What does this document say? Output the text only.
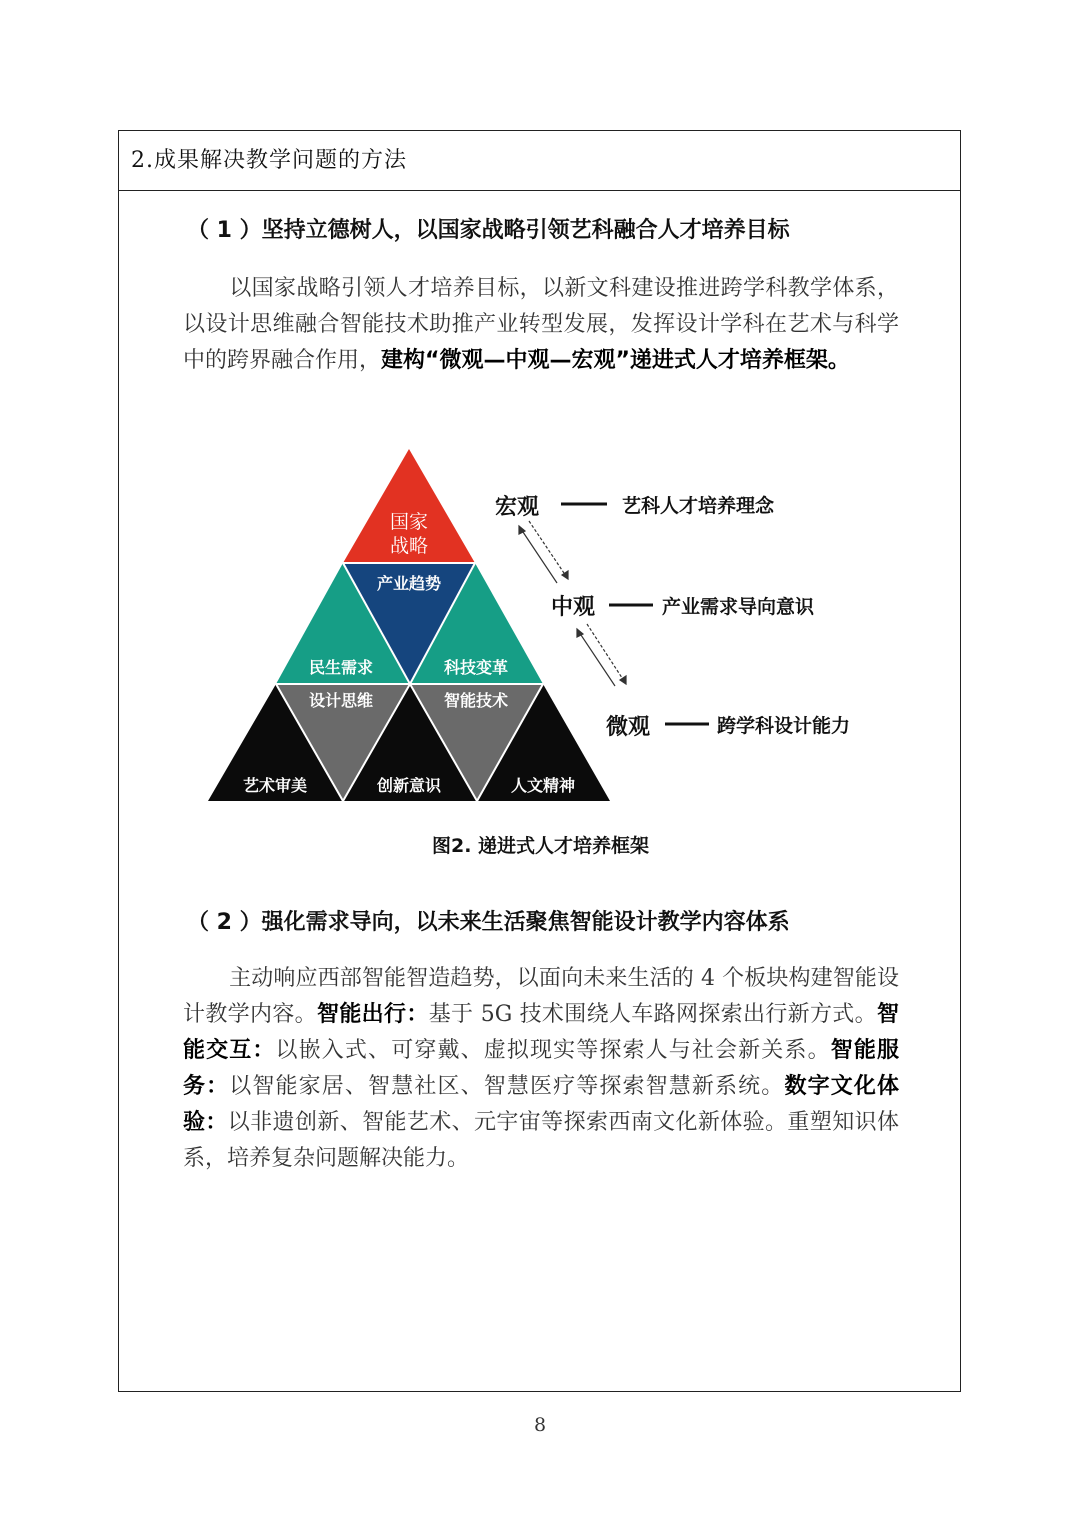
2.成果解决教学问题的方法
（ 1 ）坚持立德树人，以国家战略引领艺科融合人才培养目标
以国家战略引领人才培养目标，以新文科建设推进跨学科教学体系，以设计思维融合智能技术助推产业转型发展，发挥设计学科在艺术与科学中的跨界融合作用，建构“微观—中观—宏观”递进式人才培养框架。
国家
战略
产业趋势
民生需求	科技变革
设计思维	智能技术
艺术审美	创新意识	人文精神
宏观	艺科人才培养理念
中观	产业需求导向意识
微观	跨学科设计能力
图2. 递进式人才培养框架
（ 2 ）强化需求导向，以未来生活聚焦智能设计教学内容体系
主动响应西部智能智造趋势，以面向未来生活的 4 个板块构建智能设计教学内容。智能出行：基于 5G 技术围绕人车路网探索出行新方式。智能交互：以嵌入式、可穿戴、虚拟现实等探索人与社会新关系。智能服务：以智能家居、智慧社区、智慧医疗等探索智慧新系统。数字文化体验：以非遗创新、智能艺术、元宇宙等探索西南文化新体验。重塑知识体系，培养复杂问题解决能力。
8
